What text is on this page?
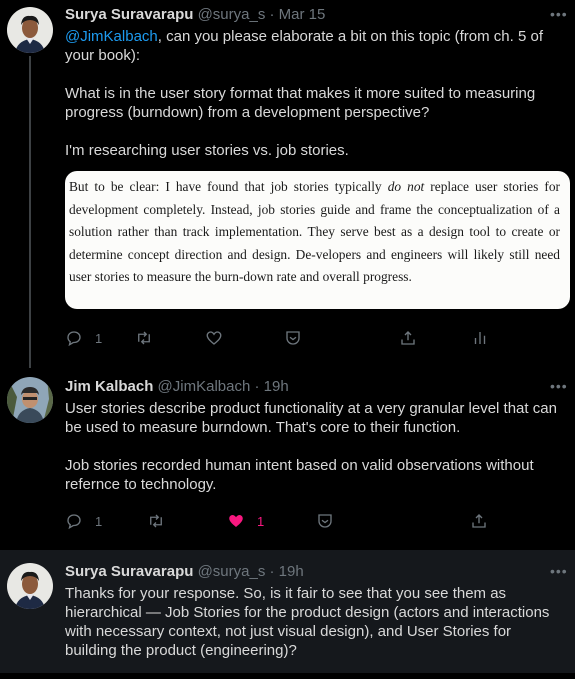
Surya Suravarapu @surya_s · Mar 15	•••

@JimKalbach, can you please elaborate a bit on this topic (from ch. 5 of your book):

What is in the user story format that makes it more suited to measuring progress (burndown) from a development perspective?

I'm researching user stories vs. job stories.

But to be clear: I have found that job stories typically do not replace user stories for development completely. Instead, job stories guide and frame the conceptualization of a solution rather than track implementation. They serve best as a design tool to create or determine concept direction and design. De-velopers and engineers will likely still need user stories to measure the burn-down rate and overall progress.
1
Jim Kalbach @JimKalbach · 19h	•••

User stories describe product functionality at a very granular level that can be used to measure burndown. That's core to their function.

Job stories recorded human intent based on valid observations without refernce to technology.

1	1
Surya Suravarapu @surya_s · 19h	•••

Thanks for your response. So, is it fair to see that you see them as hierarchical — Job Stories for the product design (actors and interactions with necessary context, not just visual design), and User Stories for building the product (engineering)?
